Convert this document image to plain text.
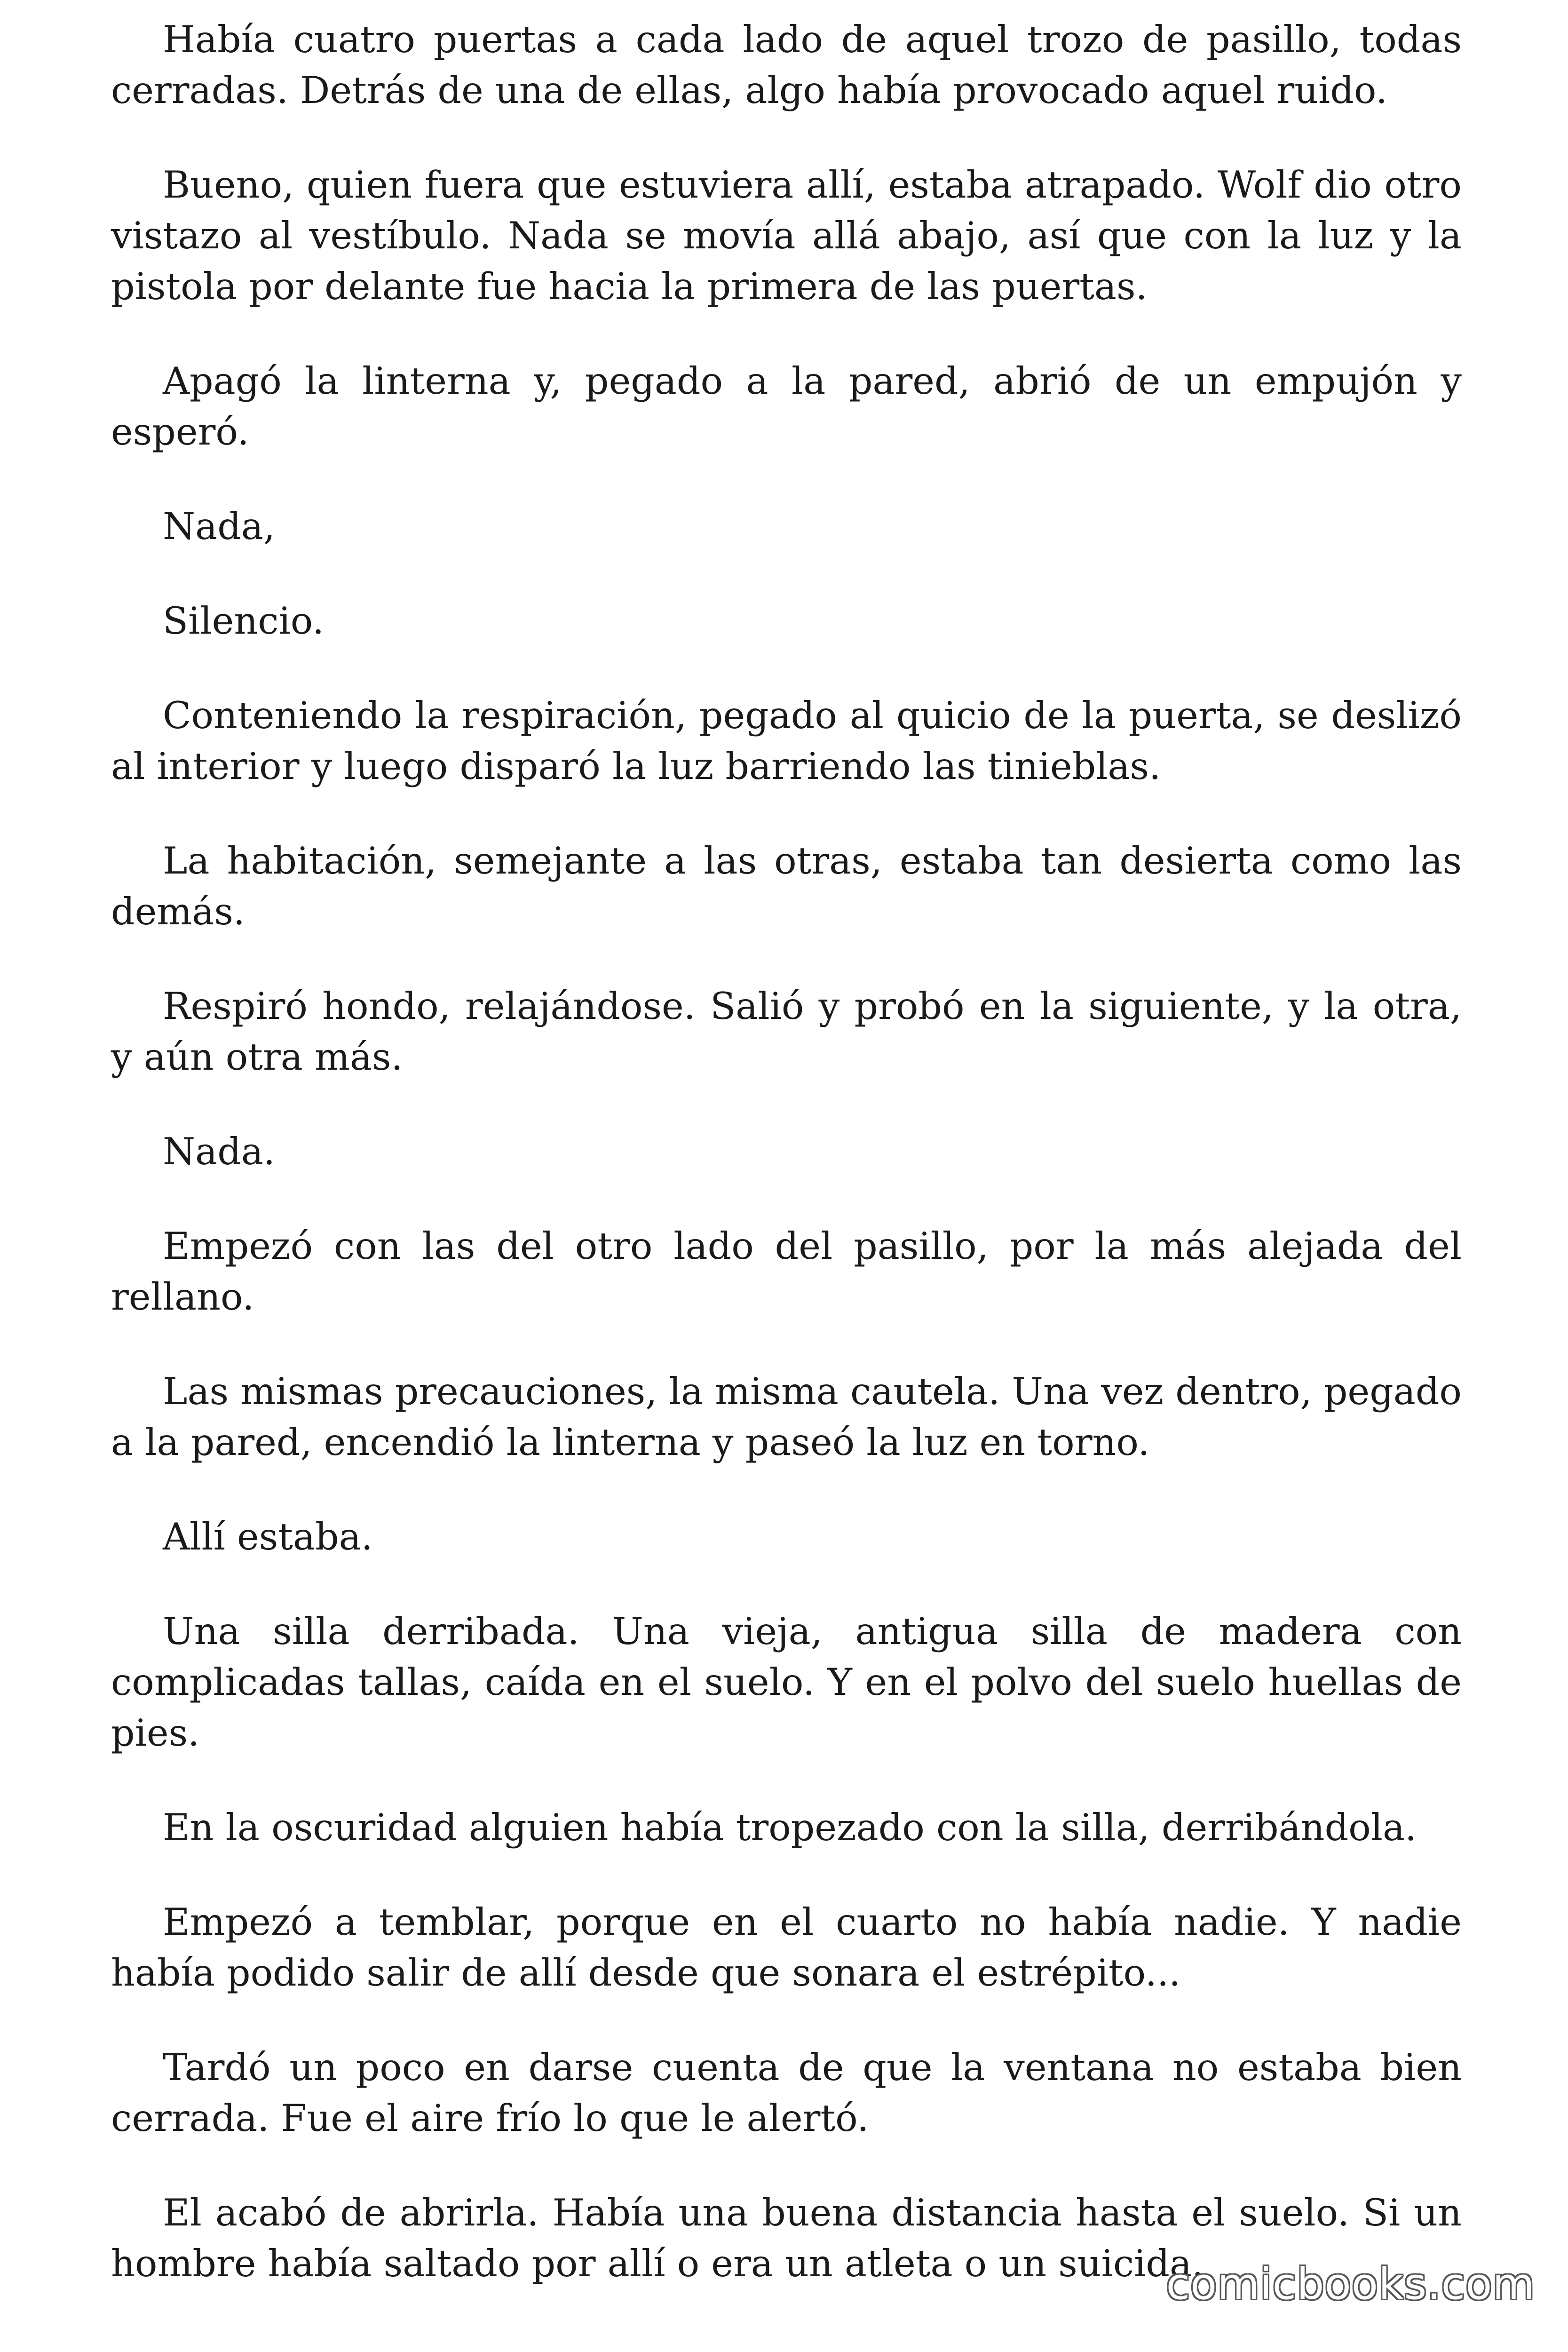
Había cuatro puertas a cada lado de aquel trozo de pasillo, todas cerradas. Detrás de una de ellas, algo había provocado aquel ruido.

Bueno, quien fuera que estuviera allí, estaba atrapado. Wolf dio otro vistazo al vestíbulo. Nada se movía allá abajo, así que con la luz y la pistola por delante fue hacia la primera de las puertas.

Apagó la linterna y, pegado a la pared, abrió de un empujón y esperó.

Nada,

Silencio.

Conteniendo la respiración, pegado al quicio de la puerta, se deslizó al interior y luego disparó la luz barriendo las tinieblas.

La habitación, semejante a las otras, estaba tan desierta como las demás.

Respiró hondo, relajándose. Salió y probó en la siguiente, y la otra, y aún otra más.

Nada.

Empezó con las del otro lado del pasillo, por la más alejada del rellano.

Las mismas precauciones, la misma cautela. Una vez dentro, pegado a la pared, encendió la linterna y paseó la luz en torno.

Allí estaba.

Una silla derribada. Una vieja, antigua silla de madera con complicadas tallas, caída en el suelo. Y en el polvo del suelo huellas de pies.

En la oscuridad alguien había tropezado con la silla, derribándola.

Empezó a temblar, porque en el cuarto no había nadie. Y nadie había podido salir de allí desde que sonara el estrépito...

Tardó un poco en darse cuenta de que la ventana no estaba bien cerrada. Fue el aire frío lo que le alertó.

El acabó de abrirla. Había una buena distancia hasta el suelo. Si un hombre había saltado por allí o era un atleta o un suicida.

comicbooks.com
